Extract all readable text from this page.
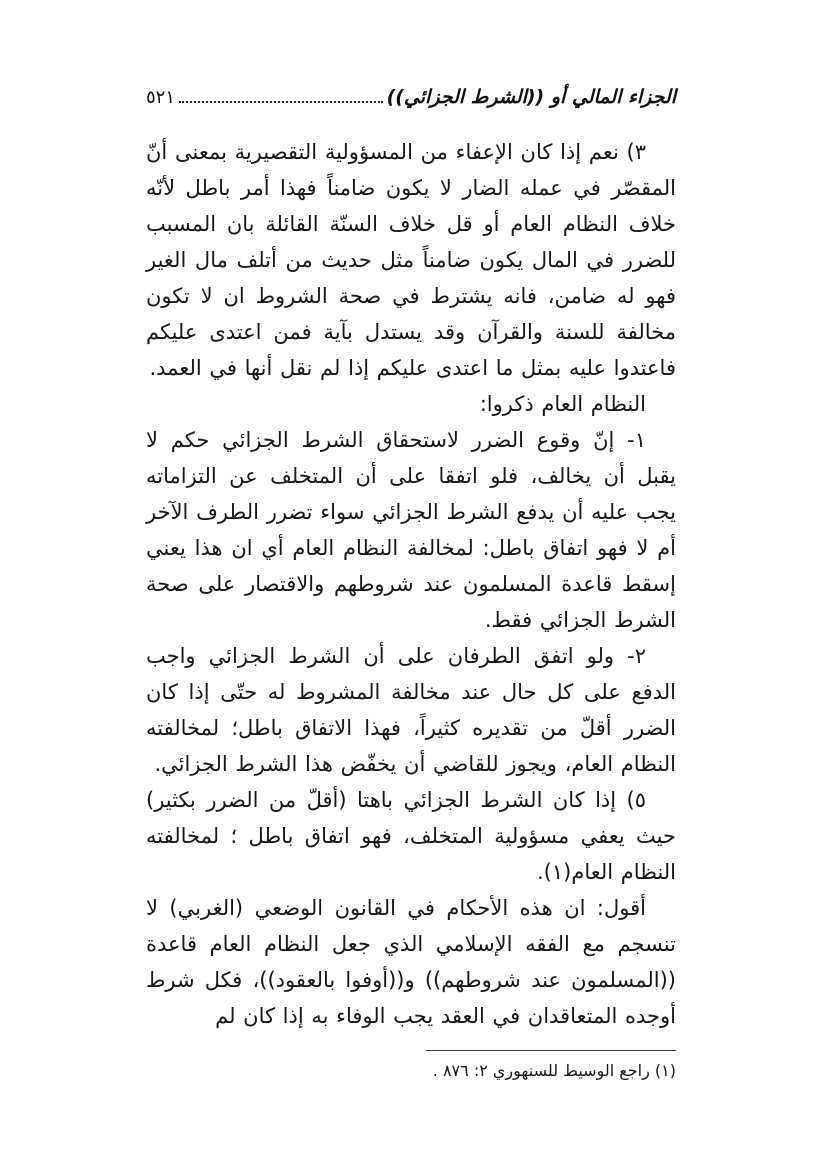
الجزاء المالي أو ((الشرط الجزائي))
٥٢١

٣) نعم إذا كان الإعفاء من المسؤولية التقصيرية بمعنى أنّ المقصّر في عمله الضار لا يكون ضامناً فهذا أمر باطل لأنّه خلاف النظام العام أو قل خلاف السنّة القائلة بان المسبب للضرر في المال يكون ضامناً مثل حديث من أتلف مال الغير فهو له ضامن، فانه يشترط في صحة الشروط ان لا تكون مخالفة للسنة والقرآن وقد يستدل بآية فمن اعتدى عليكم فاعتدوا عليه بمثل ما اعتدى عليكم إذا لم نقل أنها في العمد.

النظام العام ذكروا:

١- إنّ وقوع الضرر لاستحقاق الشرط الجزائي حكم لا يقبل أن يخالف، فلو اتفقا على أن المتخلف عن التزاماته يجب عليه أن يدفع الشرط الجزائي سواء تضرر الطرف الآخر أم لا فهو اتفاق باطل: لمخالفة النظام العام أي ان هذا يعني إسقط قاعدة المسلمون عند شروطهم والاقتصار على صحة الشرط الجزائي فقط.

٢- ولو اتفق الطرفان على أن الشرط الجزائي واجب الدفع على كل حال عند مخالفة المشروط له حتّى إذا كان الضرر أقلّ من تقديره كثيراً، فهذا الاتفاق باطل؛ لمخالفته النظام العام، ويجوز للقاضي أن يخفّض هذا الشرط الجزائي.

٥) إذا كان الشرط الجزائي باهتا (أقلّ من الضرر بكثير) حيث يعفي مسؤولية المتخلف، فهو اتفاق باطل ؛ لمخالفته النظام العام(١).

أقول: ان هذه الأحكام في القانون الوضعي (الغربي) لا تنسجم مع الفقه الإسلامي الذي جعل النظام العام قاعدة ((المسلمون عند شروطهم)) و((أوفوا بالعقود))، فكل شرط أوجده المتعاقدان في العقد يجب الوفاء به إذا كان لم

(١) راجع الوسيط للسنهوري ٢: ٨٧٦ .
